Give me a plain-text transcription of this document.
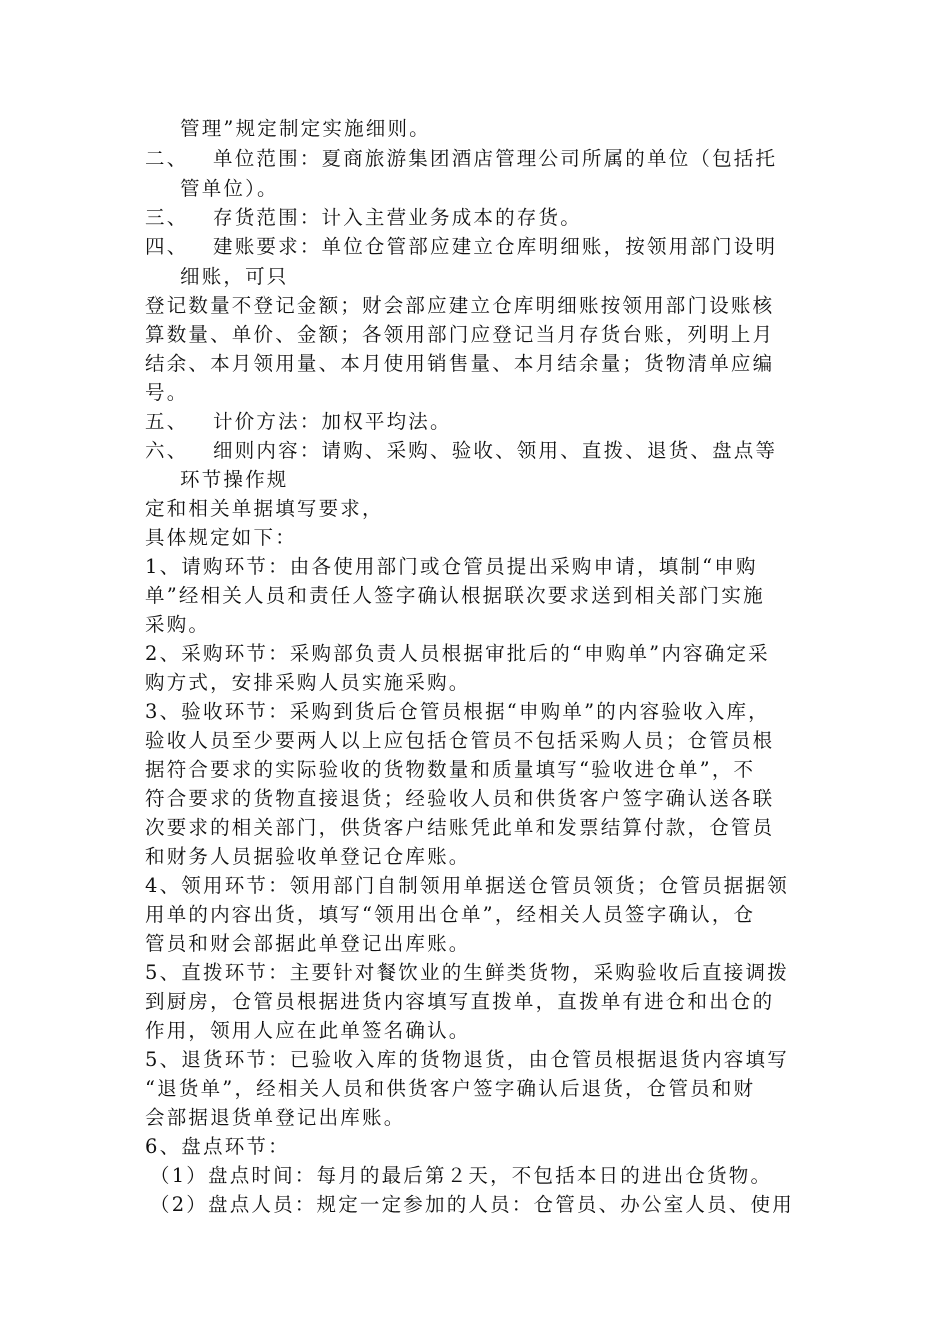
管理”规定制定实施细则。
二、 单位范围：夏商旅游集团酒店管理公司所属的单位（包括托
管单位）。
三、 存货范围：计入主营业务成本的存货。
四、 建账要求：单位仓管部应建立仓库明细账，按领用部门设明
细账，可只
登记数量不登记金额；财会部应建立仓库明细账按领用部门设账核
算数量、单价、金额；各领用部门应登记当月存货台账，列明上月
结余、本月领用量、本月使用销售量、本月结余量；货物清单应编
号。
五、 计价方法：加权平均法。
六、 细则内容：请购、采购、验收、领用、直拨、退货、盘点等
环节操作规
定和相关单据填写要求，
具体规定如下：
1、请购环节：由各使用部门或仓管员提出采购申请，填制“申购
单”经相关人员和责任人签字确认根据联次要求送到相关部门实施
采购。
2、采购环节：采购部负责人员根据审批后的“申购单”内容确定采
购方式，安排采购人员实施采购。
3、验收环节：采购到货后仓管员根据“申购单”的内容验收入库，
验收人员至少要两人以上应包括仓管员不包括采购人员；仓管员根
据符合要求的实际验收的货物数量和质量填写“验收进仓单”，不
符合要求的货物直接退货；经验收人员和供货客户签字确认送各联
次要求的相关部门，供货客户结账凭此单和发票结算付款，仓管员
和财务人员据验收单登记仓库账。
4、领用环节：领用部门自制领用单据送仓管员领货；仓管员据据领
用单的内容出货，填写“领用出仓单”，经相关人员签字确认，仓
管员和财会部据此单登记出库账。
5、直拨环节：主要针对餐饮业的生鲜类货物，采购验收后直接调拨
到厨房，仓管员根据进货内容填写直拨单，直拨单有进仓和出仓的
作用，领用人应在此单签名确认。
5、退货环节：已验收入库的货物退货，由仓管员根据退货内容填写
“退货单”，经相关人员和供货客户签字确认后退货，仓管员和财
会部据退货单登记出库账。
6、盘点环节：
（1）盘点时间：每月的最后第２天，不包括本日的进出仓货物。
（2）盘点人员：规定一定参加的人员：仓管员、办公室人员、使用
